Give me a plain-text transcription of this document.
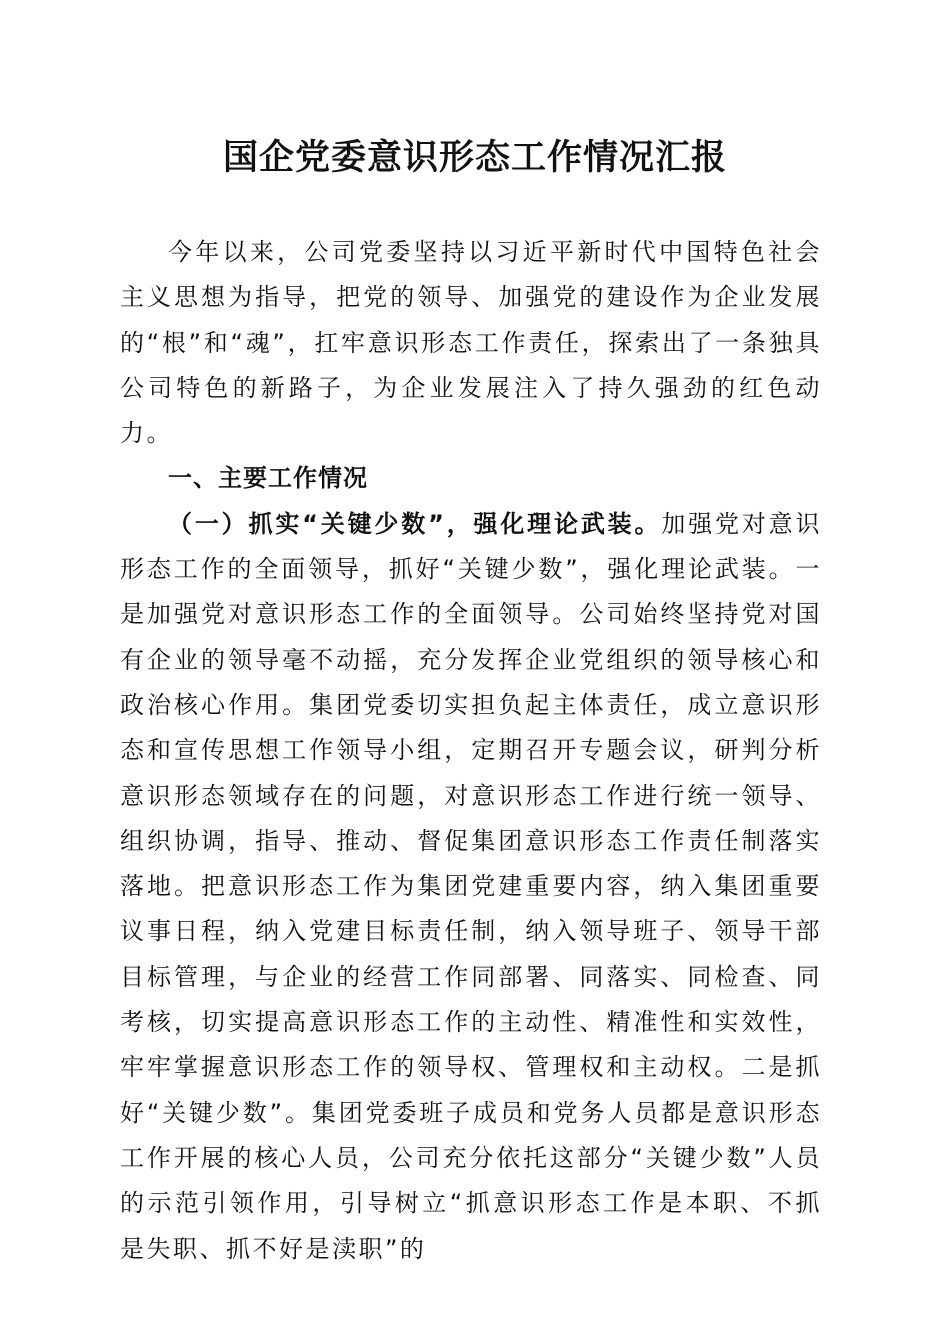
国企党委意识形态工作情况汇报

今年以来，公司党委坚持以习近平新时代中国特色社会主义思想为指导，把党的领导、加强党的建设作为企业发展的“根”和“魂”，扛牢意识形态工作责任，探索出了一条独具公司特色的新路子，为企业发展注入了持久强劲的红色动力。

一、主要工作情况

（一）抓实“关键少数”，强化理论武装。加强党对意识形态工作的全面领导，抓好“关键少数”，强化理论武装。一是加强党对意识形态工作的全面领导。公司始终坚持党对国有企业的领导毫不动摇，充分发挥企业党组织的领导核心和政治核心作用。集团党委切实担负起主体责任，成立意识形态和宣传思想工作领导小组，定期召开专题会议，研判分析意识形态领域存在的问题，对意识形态工作进行统一领导、组织协调，指导、推动、督促集团意识形态工作责任制落实落地。把意识形态工作为集团党建重要内容，纳入集团重要议事日程，纳入党建目标责任制，纳入领导班子、领导干部目标管理，与企业的经营工作同部署、同落实、同检查、同考核，切实提高意识形态工作的主动性、精准性和实效性，牢牢掌握意识形态工作的领导权、管理权和主动权。二是抓好“关键少数”。集团党委班子成员和党务人员都是意识形态工作开展的核心人员，公司充分依托这部分“关键少数”人员的示范引领作用，引导树立“抓意识形态工作是本职、不抓是失职、抓不好是渎职”的
